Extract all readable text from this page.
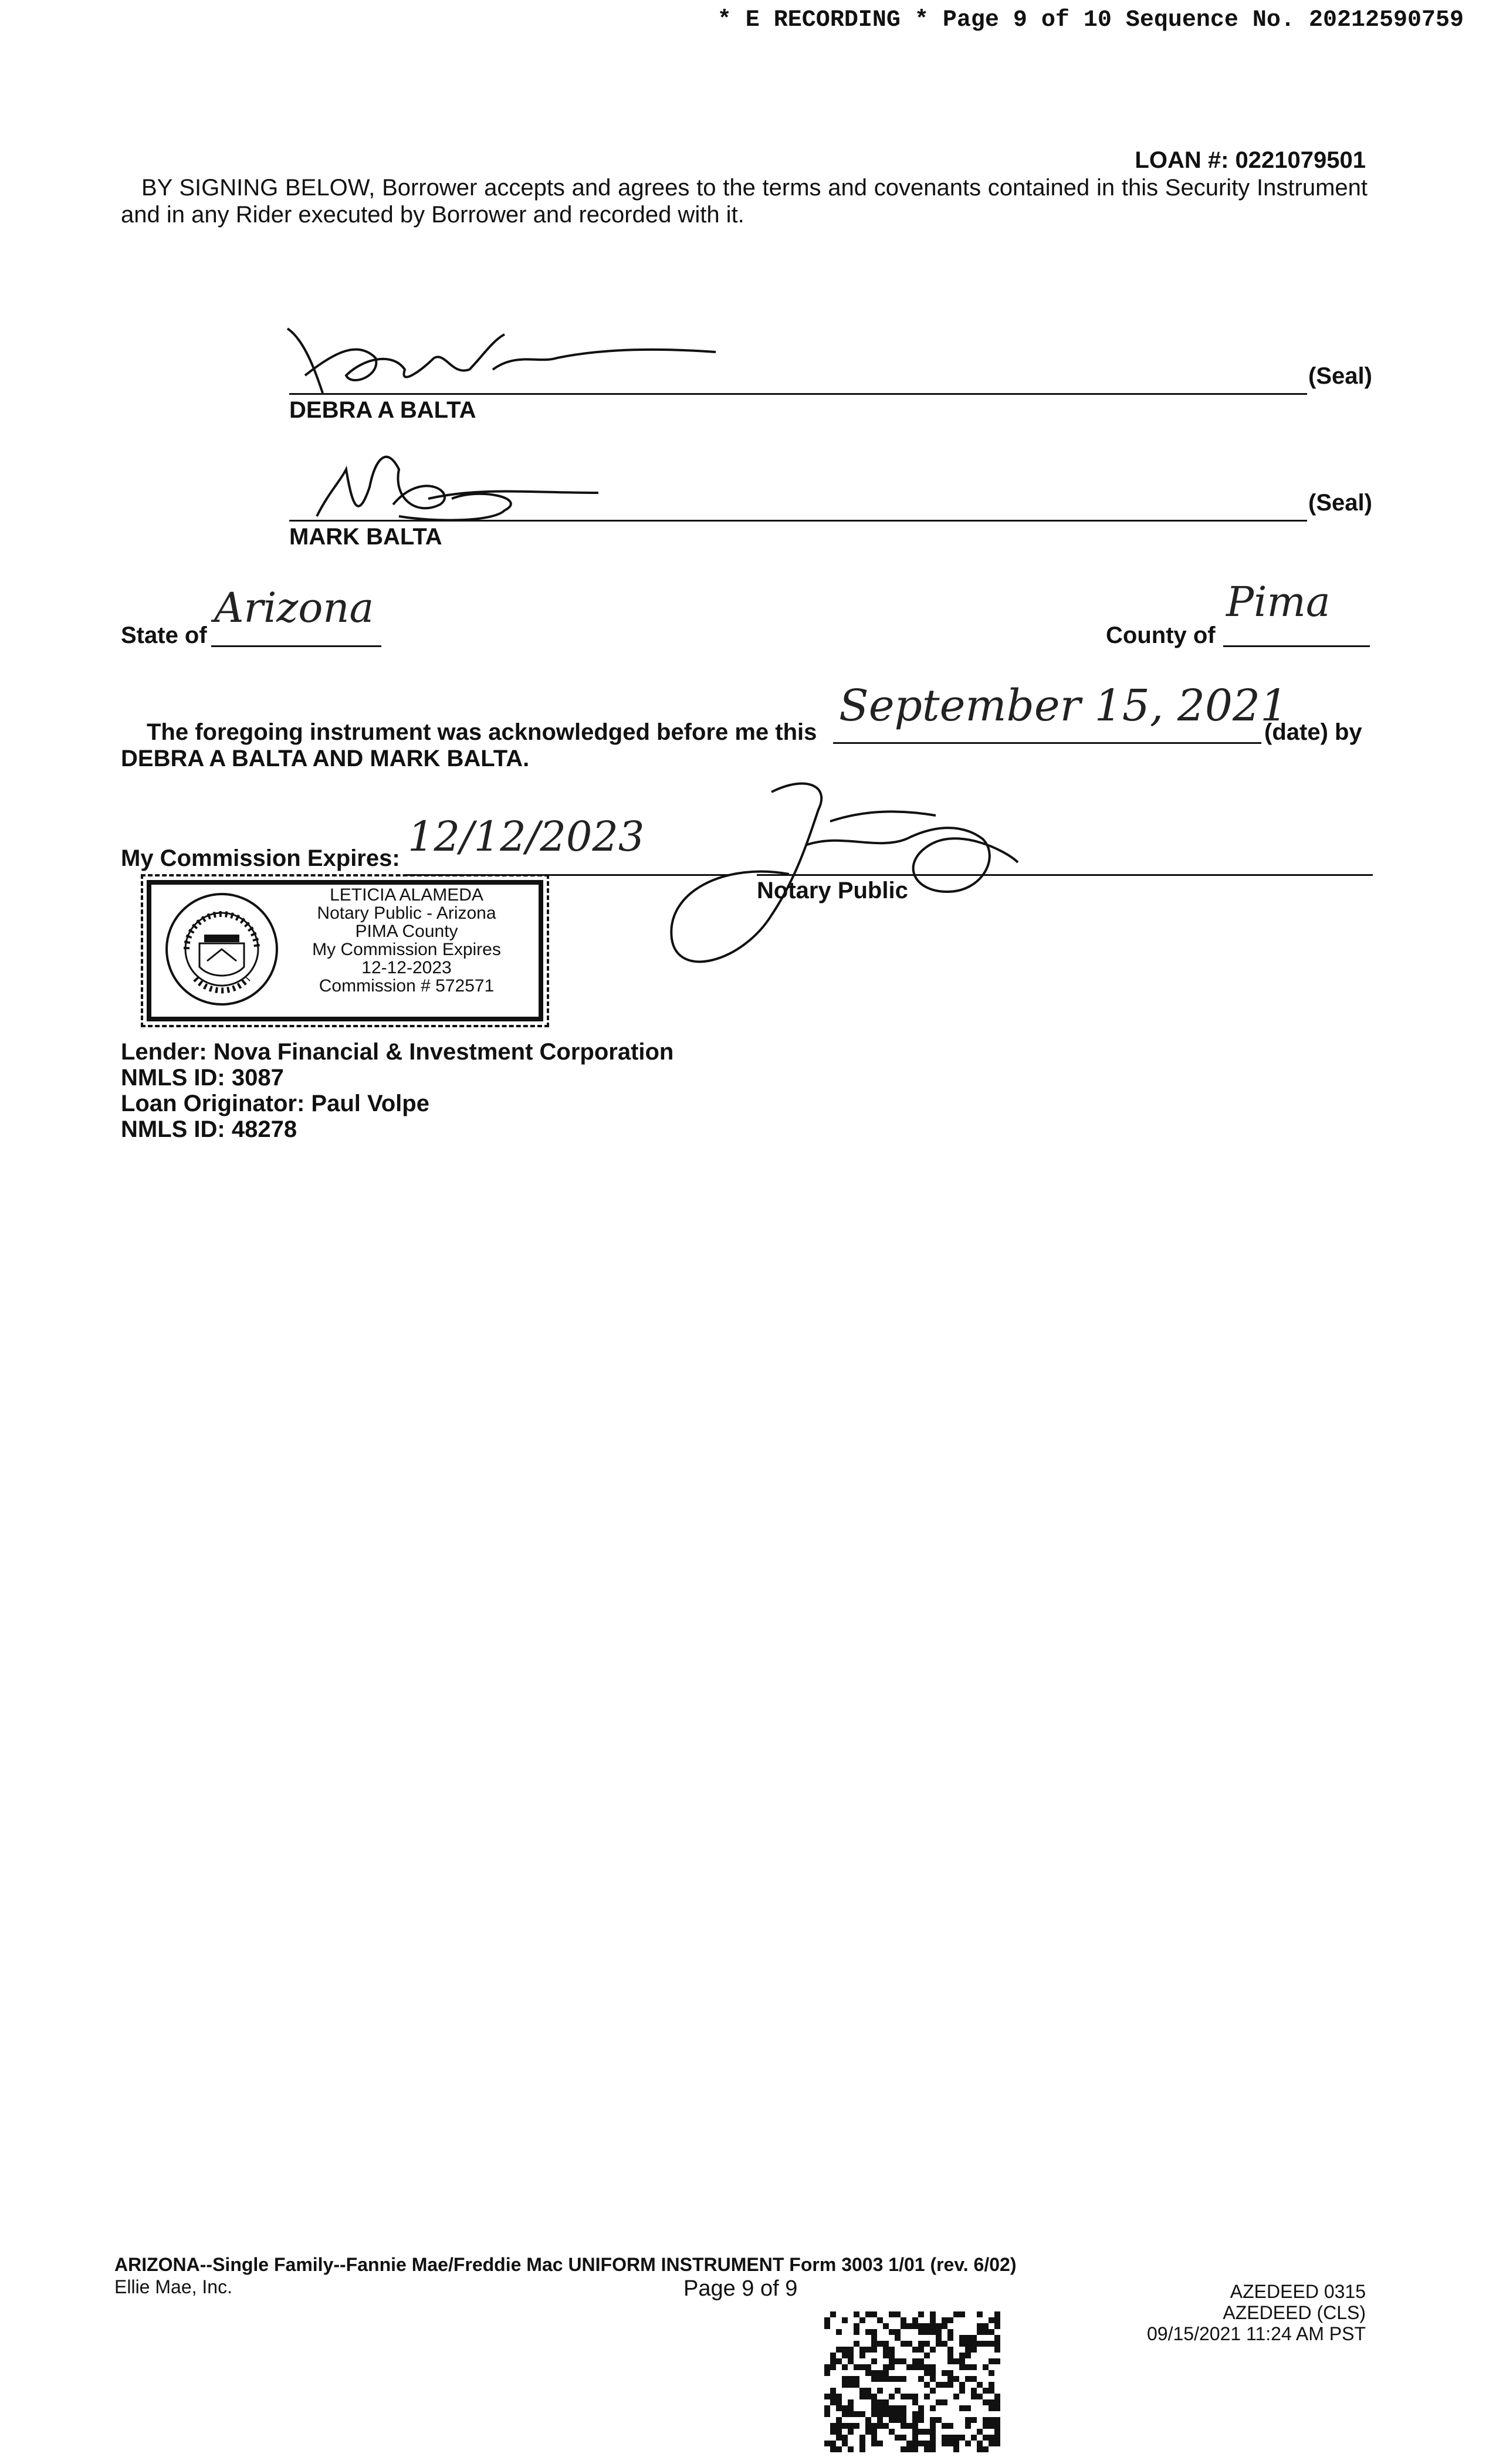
* E RECORDING * Page 9 of 10 Sequence No. 20212590759
LOAN #: 0221079501
BY SIGNING BELOW, Borrower accepts and agrees to the terms and covenants contained in this Security Instrument and in any Rider executed by Borrower and recorded with it.
(Seal)
DEBRA A BALTA
(Seal)
MARK BALTA
State of
Arizona
County of
Pima
The foregoing instrument was acknowledged before me this
September 15, 2021
(date) by
DEBRA A BALTA AND MARK BALTA.
My Commission Expires: 12/12/2023
Notary Public
LETICIA ALAMEDA
Notary Public - Arizona
PIMA County
My Commission Expires
12-12-2023
Commission # 572571
Lender: Nova Financial & Investment Corporation
NMLS ID: 3087
Loan Originator: Paul Volpe
NMLS ID: 48278
ARIZONA--Single Family--Fannie Mae/Freddie Mac UNIFORM INSTRUMENT Form 3003 1/01 (rev. 6/02)
Ellie Mae, Inc.	Page 9 of 9	AZEDEED 0315
AZEDEED (CLS)
09/15/2021 11:24 AM PST
